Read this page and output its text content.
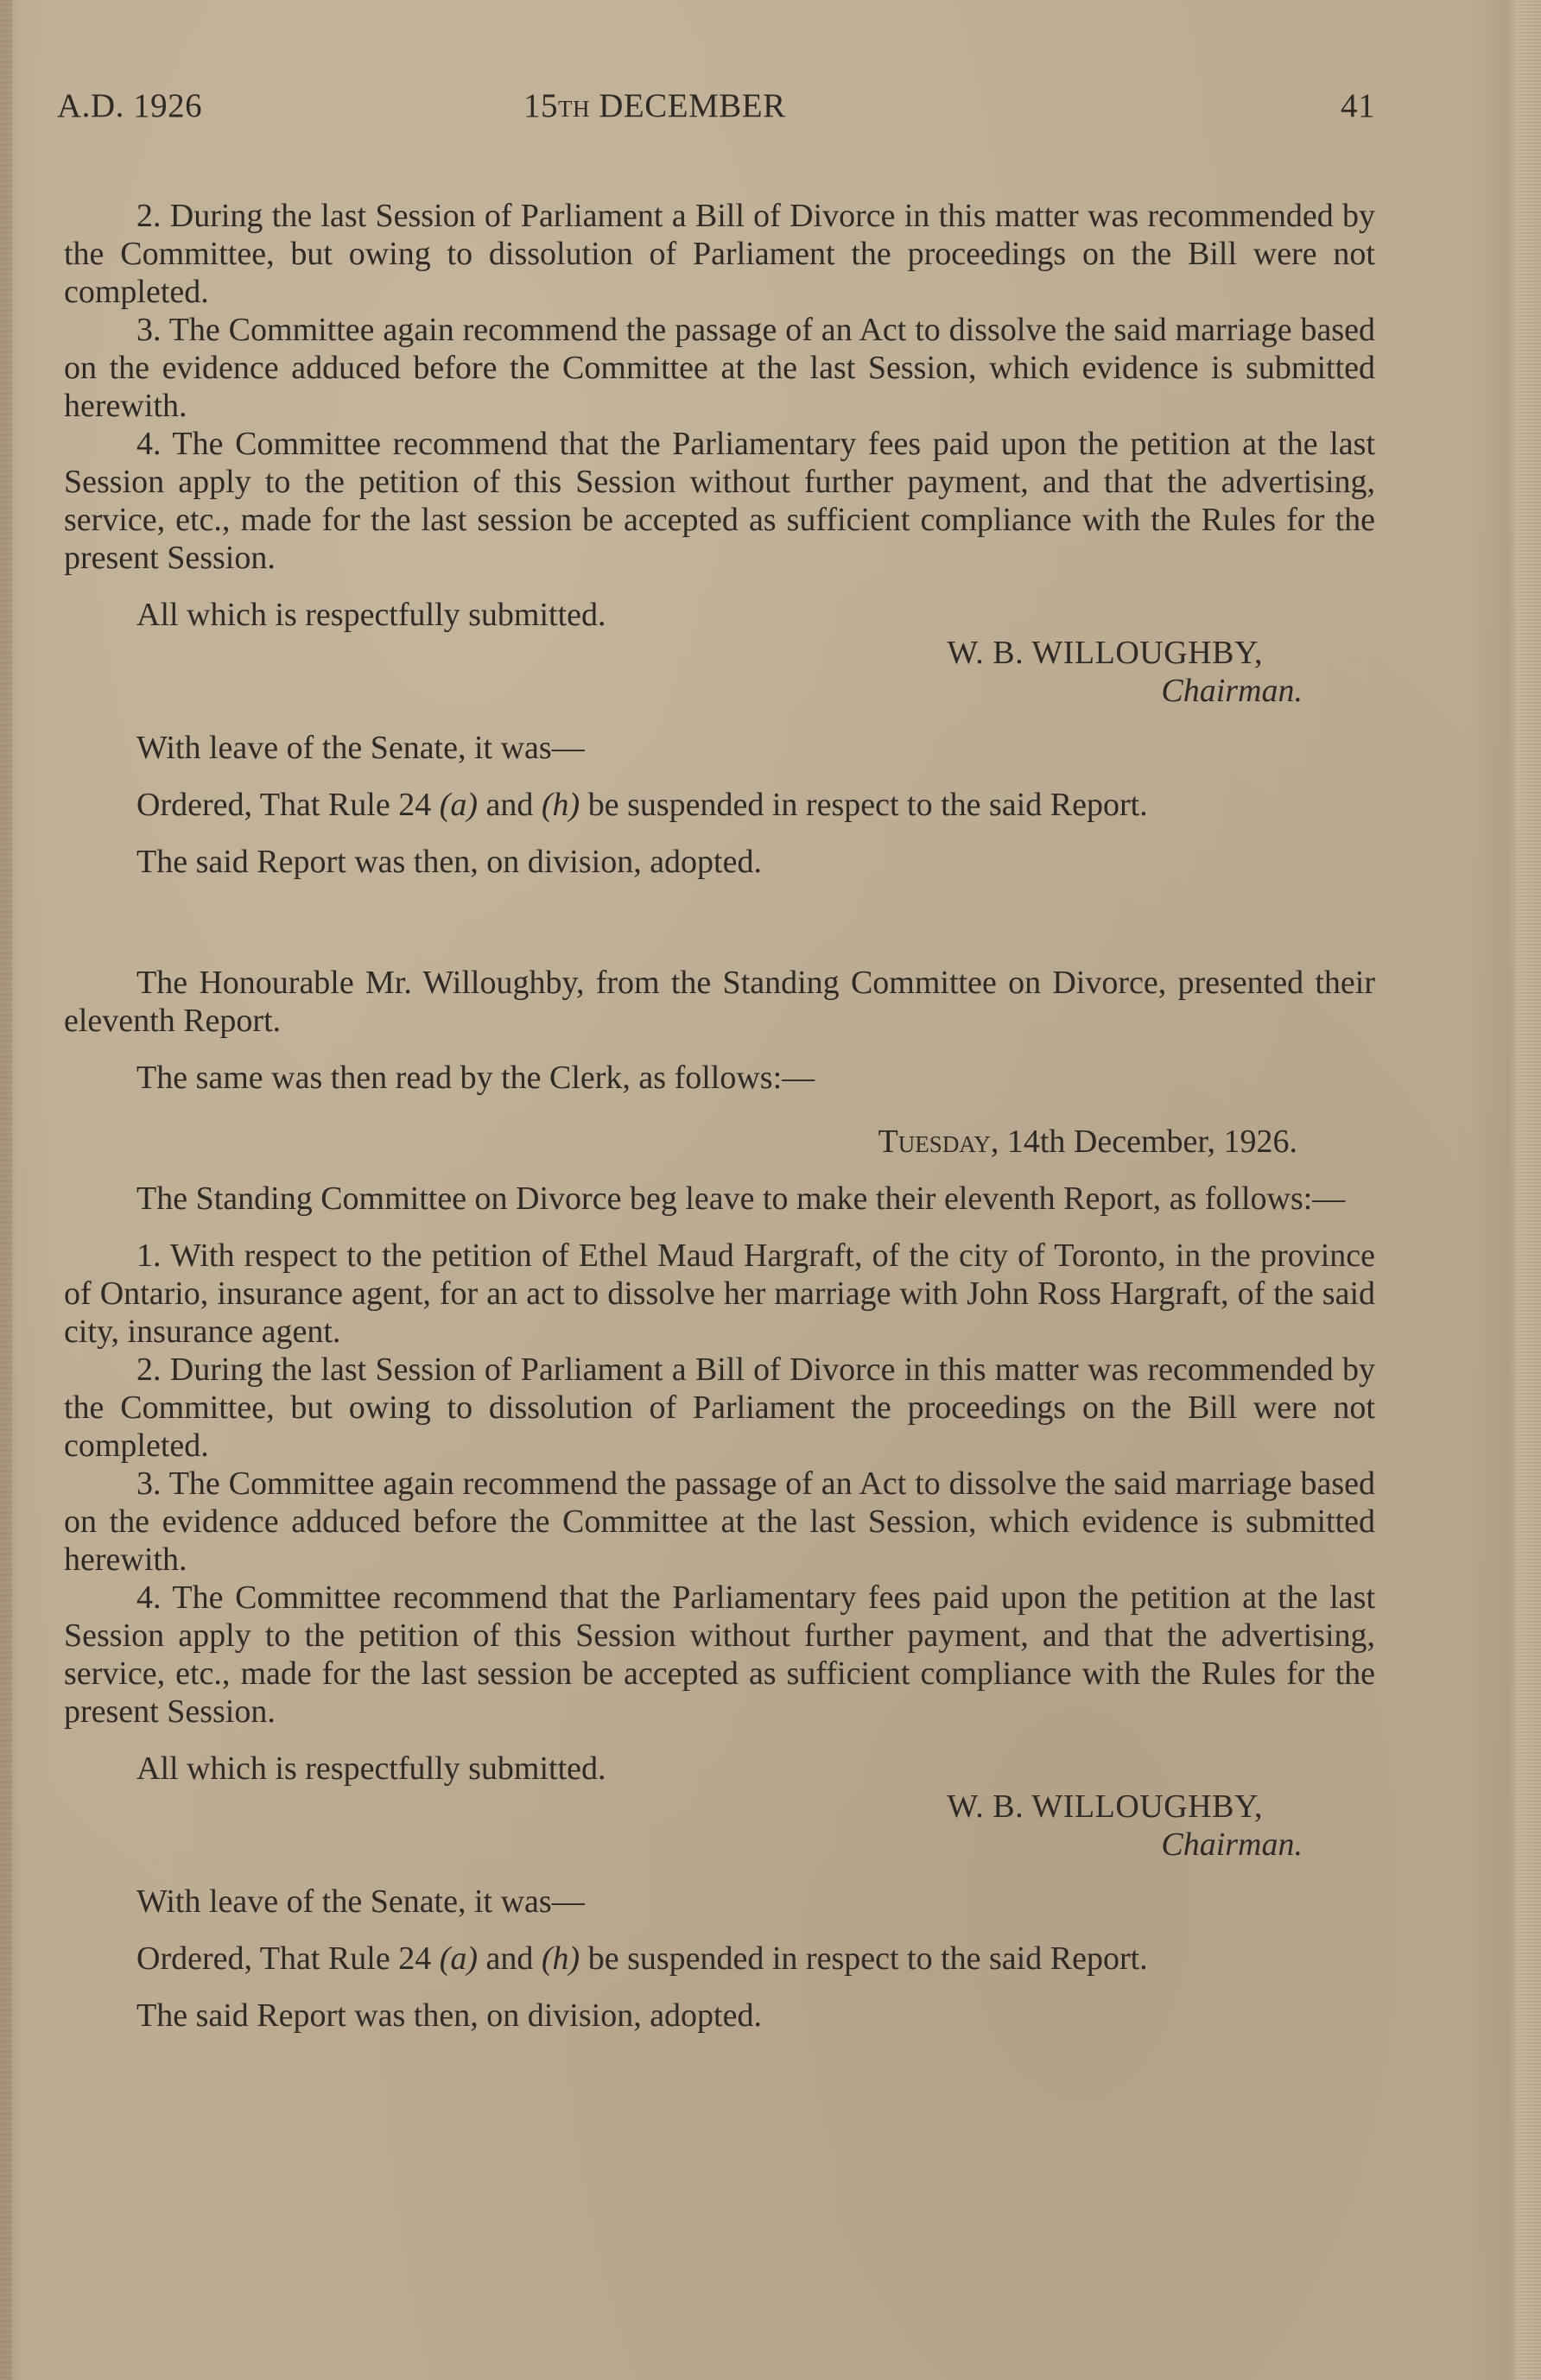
A.D. 1926	15th DECEMBER	41

2. During the last Session of Parliament a Bill of Divorce in this matter was recommended by the Committee, but owing to dissolution of Parliament the proceedings on the Bill were not completed.

3. The Committee again recommend the passage of an Act to dissolve the said marriage based on the evidence adduced before the Committee at the last Session, which evidence is submitted herewith.

4. The Committee recommend that the Parliamentary fees paid upon the petition at the last Session apply to the petition of this Session without further payment, and that the advertising, service, etc., made for the last session be accepted as sufficient compliance with the Rules for the present Session.

All which is respectfully submitted.

W. B. WILLOUGHBY,

Chairman.

With leave of the Senate, it was—

Ordered, That Rule 24 (a) and (h) be suspended in respect to the said Report.

The said Report was then, on division, adopted.

The Honourable Mr. Willoughby, from the Standing Committee on Divorce, presented their eleventh Report.

The same was then read by the Clerk, as follows:—

Tuesday, 14th December, 1926.

The Standing Committee on Divorce beg leave to make their eleventh Report, as follows:—

1. With respect to the petition of Ethel Maud Hargraft, of the city of Toronto, in the province of Ontario, insurance agent, for an act to dissolve her marriage with John Ross Hargraft, of the said city, insurance agent.

2. During the last Session of Parliament a Bill of Divorce in this matter was recommended by the Committee, but owing to dissolution of Parliament the proceedings on the Bill were not completed.

3. The Committee again recommend the passage of an Act to dissolve the said marriage based on the evidence adduced before the Committee at the last Session, which evidence is submitted herewith.

4. The Committee recommend that the Parliamentary fees paid upon the petition at the last Session apply to the petition of this Session without further payment, and that the advertising, service, etc., made for the last session be accepted as sufficient compliance with the Rules for the present Session.

All which is respectfully submitted.

W. B. WILLOUGHBY,

Chairman.

With leave of the Senate, it was—

Ordered, That Rule 24 (a) and (h) be suspended in respect to the said Report.

The said Report was then, on division, adopted.
